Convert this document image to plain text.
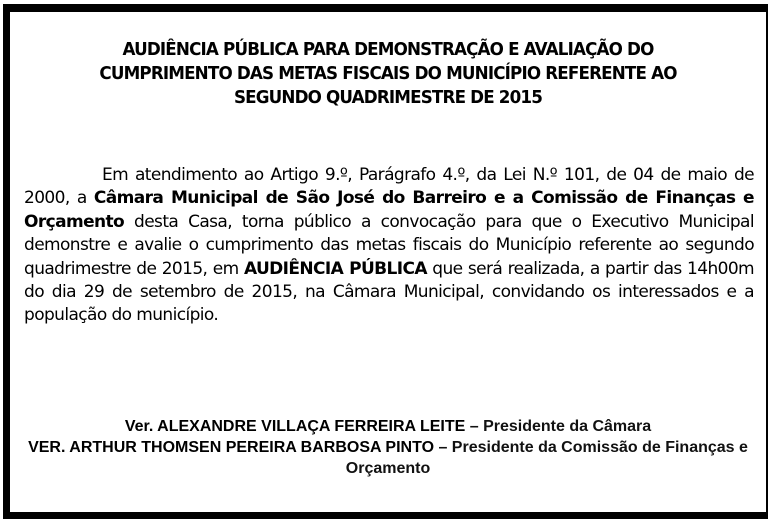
AUDIÊNCIA PÚBLICA PARA DEMONSTRAÇÃO E AVALIAÇÃO DO
CUMPRIMENTO DAS METAS FISCAIS DO MUNICÍPIO REFERENTE AO
SEGUNDO QUADRIMESTRE DE 2015
Em atendimento ao Artigo 9.º, Parágrafo 4.º, da Lei N.º 101, de 04 de maio de 2000, a Câmara Municipal de São José do Barreiro e a Comissão de Finanças e Orçamento desta Casa, torna público a convocação para que o Executivo Municipal demonstre e avalie o cumprimento das metas fiscais do Município referente ao segundo quadrimestre de 2015, em AUDIÊNCIA PÚBLICA que será realizada, a partir das 14h00m do dia 29 de setembro de 2015, na Câmara Municipal, convidando os interessados e a população do município.
Ver. ALEXANDRE VILLAÇA FERREIRA LEITE – Presidente da Câmara
VER. ARTHUR THOMSEN PEREIRA BARBOSA PINTO – Presidente da Comissão de Finanças e Orçamento
